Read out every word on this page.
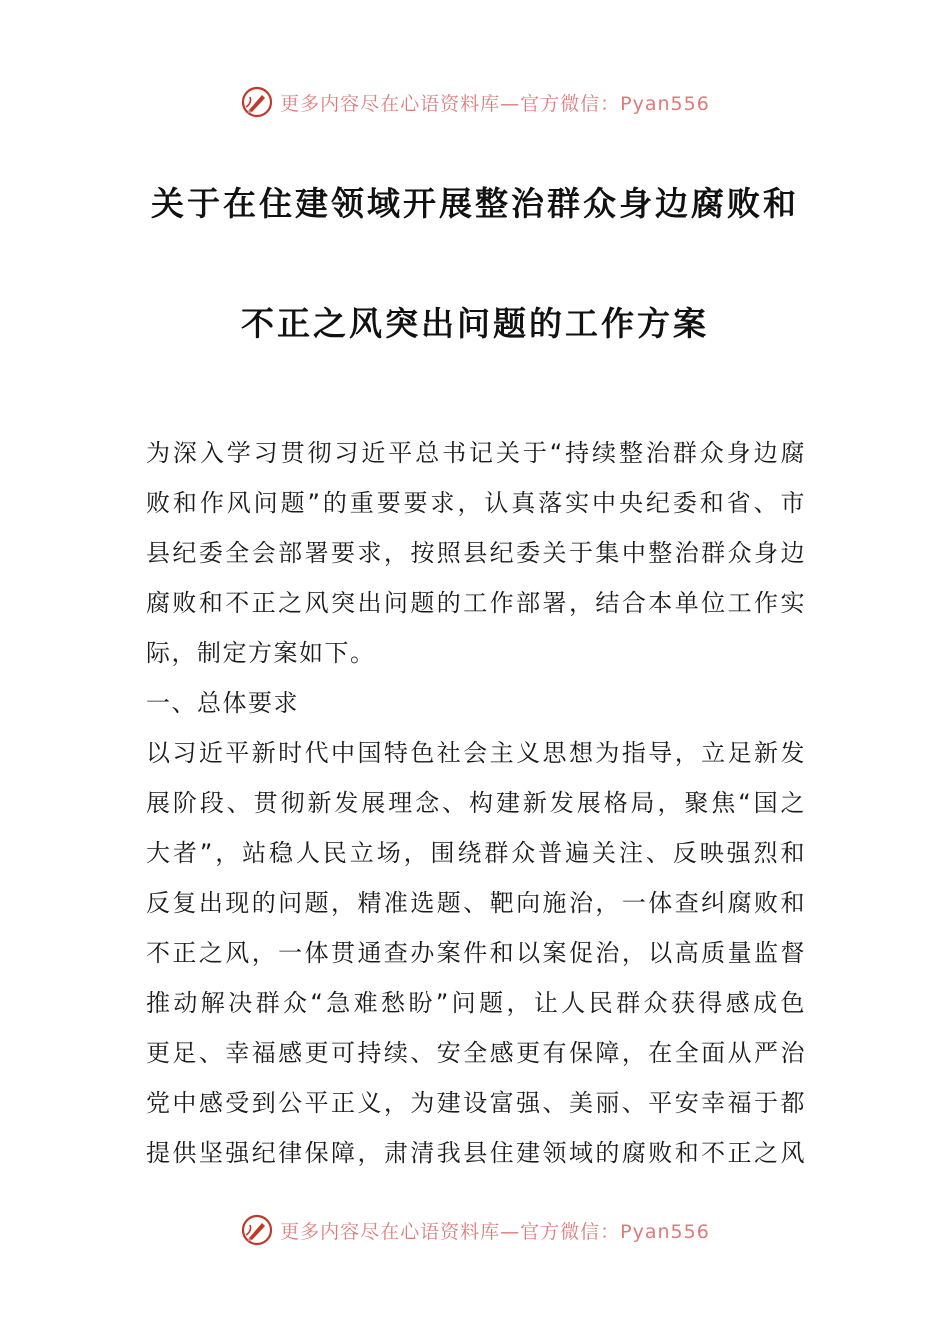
更多内容尽在心语资料库—官方微信：Pyan556
关于在住建领域开展整治群众身边腐败和
不正之风突出问题的工作方案
为深入学习贯彻习近平总书记关于“持续整治群众身边腐
败和作风问题”的重要要求，认真落实中央纪委和省、市
县纪委全会部署要求，按照县纪委关于集中整治群众身边
腐败和不正之风突出问题的工作部署，结合本单位工作实
际，制定方案如下。
一、总体要求
以习近平新时代中国特色社会主义思想为指导，立足新发
展阶段、贯彻新发展理念、构建新发展格局，聚焦“国之
大者”，站稳人民立场，围绕群众普遍关注、反映强烈和
反复出现的问题，精准选题、靶向施治，一体查纠腐败和
不正之风，一体贯通查办案件和以案促治，以高质量监督
推动解决群众“急难愁盼”问题，让人民群众获得感成色
更足、幸福感更可持续、安全感更有保障，在全面从严治
党中感受到公平正义，为建设富强、美丽、平安幸福于都
提供坚强纪律保障，肃清我县住建领域的腐败和不正之风
更多内容尽在心语资料库—官方微信：Pyan556
